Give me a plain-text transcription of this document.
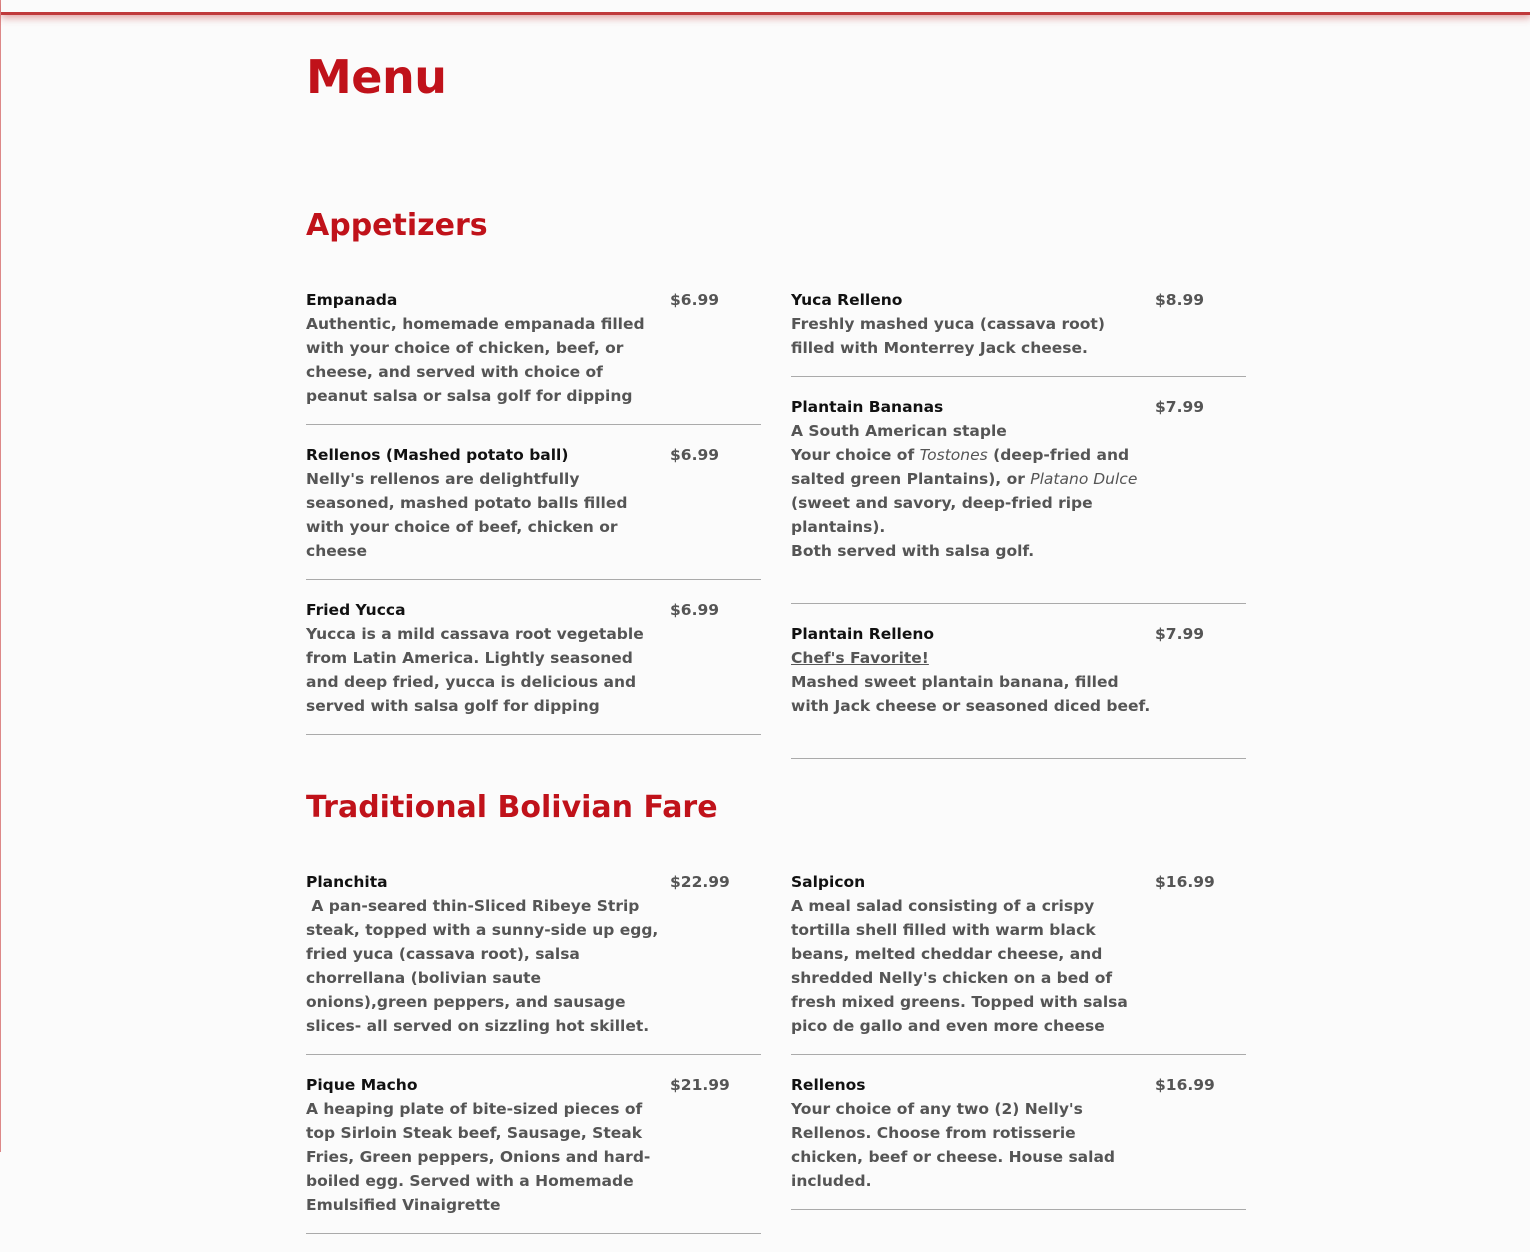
Menu
Appetizers
Empanada	$6.99
Authentic, homemade empanada filled with your choice of chicken, beef, or cheese, and served with choice of peanut salsa or salsa golf for dipping
Rellenos (Mashed potato ball)	$6.99
Nelly's rellenos are delightfully seasoned, mashed potato balls filled with your choice of beef, chicken or cheese
Fried Yucca	$6.99
Yucca is a mild cassava root vegetable from Latin America. Lightly seasoned and deep fried, yucca is delicious and served with salsa golf for dipping
Yuca Relleno	$8.99
Freshly mashed yuca (cassava root) filled with Monterrey Jack cheese.
Plantain Bananas	$7.99
A South American staple
Your choice of Tostones (deep-fried and salted green Plantains), or Platano Dulce (sweet and savory, deep-fried ripe plantains).
Both served with salsa golf.
Plantain Relleno	$7.99
Chef's Favorite!
Mashed sweet plantain banana, filled with Jack cheese or seasoned diced beef.
Traditional Bolivian Fare
Planchita	$22.99
A pan-seared thin-Sliced Ribeye Strip steak, topped with a sunny-side up egg, fried yuca (cassava root), salsa chorrellana (bolivian saute onions),green peppers, and sausage slices- all served on sizzling hot skillet.
Pique Macho	$21.99
A heaping plate of bite-sized pieces of top Sirloin Steak beef, Sausage, Steak Fries, Green peppers, Onions and hard-boiled egg. Served with a Homemade Emulsified Vinaigrette
Salpicon	$16.99
A meal salad consisting of a crispy tortilla shell filled with warm black beans, melted cheddar cheese, and shredded Nelly's chicken on a bed of fresh mixed greens. Topped with salsa pico de gallo and even more cheese
Rellenos	$16.99
Your choice of any two (2) Nelly's Rellenos. Choose from rotisserie chicken, beef or cheese. House salad included.
